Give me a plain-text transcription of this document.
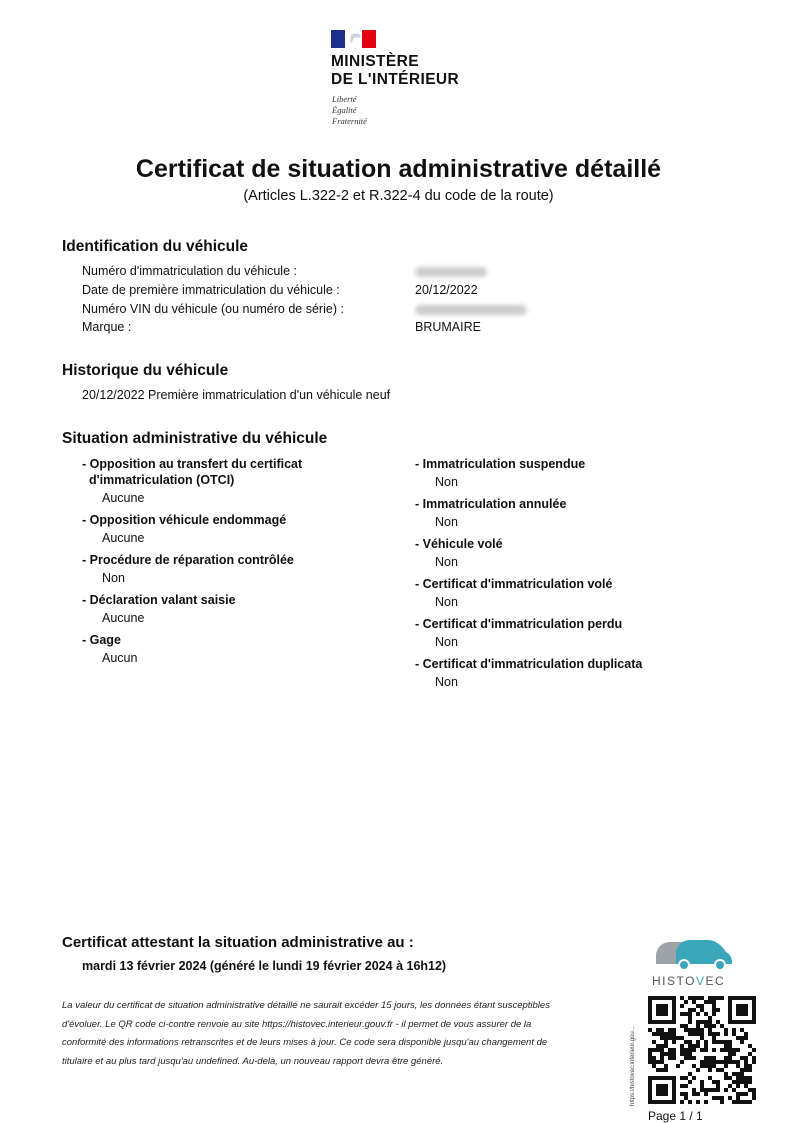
MINISTÈRE
DE L'INTÉRIEUR
Liberté
Égalité
Fraternité
Certificat de situation administrative détaillé
(Articles L.322-2 et R.322-4 du code de la route)
Identification du véhicule
Numéro d'immatriculation du véhicule :
Date de première immatriculation du véhicule :	20/12/2022
Numéro VIN du véhicule (ou numéro de série) :
Marque :	BRUMAIRE
Historique du véhicule
20/12/2022 Première immatriculation d'un véhicule neuf
Situation administrative du véhicule
- Opposition au transfert du certificat
d'immatriculation (OTCI)
Aucune
- Opposition véhicule endommagé
Aucune
- Procédure de réparation contrôlée
Non
- Déclaration valant saisie
Aucune
- Gage
Aucun
- Immatriculation suspendue
Non
- Immatriculation annulée
Non
- Véhicule volé
Non
- Certificat d'immatriculation volé
Non
- Certificat d'immatriculation perdu
Non
- Certificat d'immatriculation duplicata
Non
Certificat attestant la situation administrative au :
mardi 13 février 2024 (généré le lundi 19 février 2024 à 16h12)
La valeur du certificat de situation administrative détaillé ne saurait excéder 15 jours, les données étant susceptibles
d'évoluer. Le QR code ci-contre renvoie au site https://histovec.interieur.gouv.fr - il permet de vous assurer de la
conformité des informations retranscrites et de leurs mises à jour. Ce code sera disponible jusqu'au changement de
titulaire et au plus tard jusqu'au undefined. Au-delà, un nouveau rapport devra être généré.
HISTOVEC
https://histovec.interieur.gou...
Page 1 / 1
